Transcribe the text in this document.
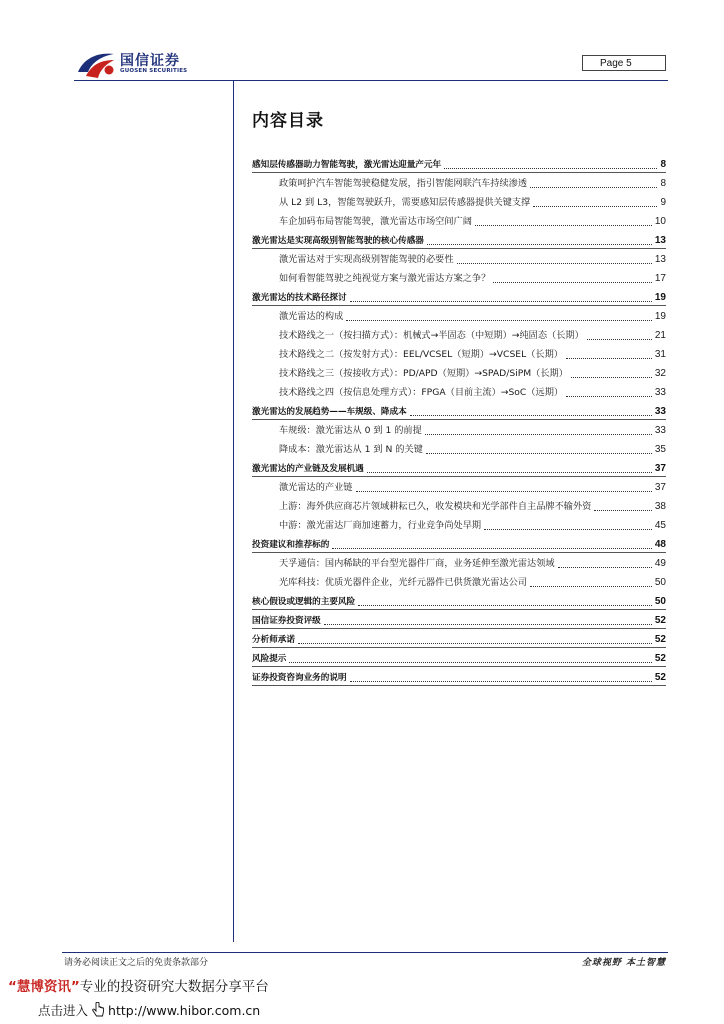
国信证券
GUOSEN SECURITIES
Page 5
内容目录
感知层传感器助力智能驾驶，激光雷达迎量产元年	8
政策呵护汽车智能驾驶稳健发展，指引智能网联汽车持续渗透	8
从 L2 到 L3，智能驾驶跃升，需要感知层传感器提供关键支撑	9
车企加码布局智能驾驶，激光雷达市场空间广阔	10
激光雷达是实现高级别智能驾驶的核心传感器	13
激光雷达对于实现高级别智能驾驶的必要性	13
如何看智能驾驶之纯视觉方案与激光雷达方案之争？	17
激光雷达的技术路径探讨	19
激光雷达的构成	19
技术路线之一（按扫描方式）：机械式→半固态（中短期）→纯固态（长期）	21
技术路线之二（按发射方式）：EEL/VCSEL（短期）→VCSEL（长期）	31
技术路线之三（按接收方式）：PD/APD（短期）→SPAD/SiPM（长期）	32
技术路线之四（按信息处理方式）：FPGA（目前主流）→SoC（远期）	33
激光雷达的发展趋势——车规级、降成本	33
车规级：激光雷达从 0 到 1 的前提	33
降成本：激光雷达从 1 到 N 的关键	35
激光雷达的产业链及发展机遇	37
激光雷达的产业链	37
上游：海外供应商芯片领域耕耘已久，收发模块和光学部件自主品牌不输外资	38
中游：激光雷达厂商加速蓄力，行业竞争尚处早期	45
投资建议和推荐标的	48
天孚通信：国内稀缺的平台型光器件厂商，业务延伸至激光雷达领域	49
光库科技：优质光器件企业，光纤元器件已供货激光雷达公司	50
核心假设或逻辑的主要风险	50
国信证券投资评级	52
分析师承诺	52
风险提示	52
证券投资咨询业务的说明	52
请务必阅读正文之后的免责条款部分	全球视野 本土智慧
“慧博资讯”专业的投资研究大数据分享平台
点击进入 http://www.hibor.com.cn
